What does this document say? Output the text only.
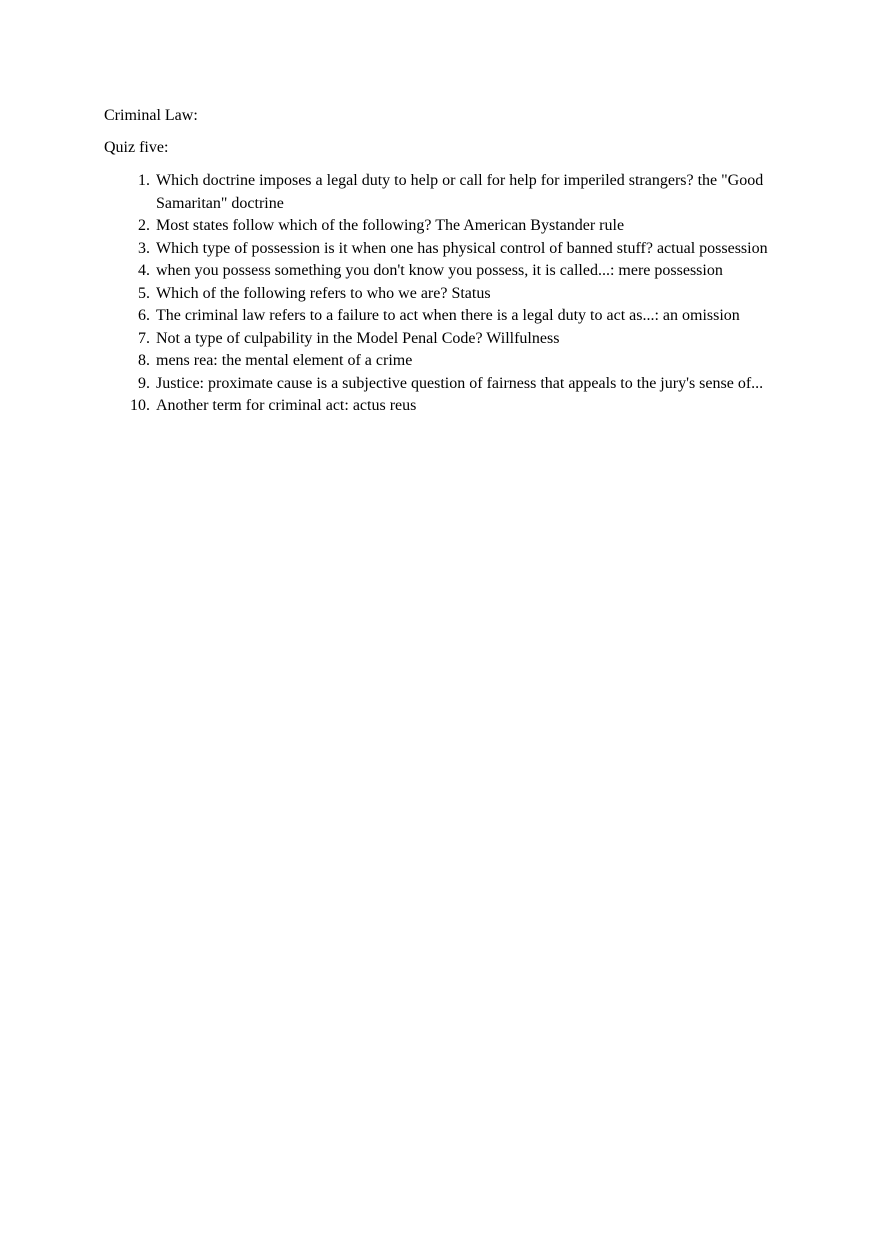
Criminal Law:
Quiz five:
1. Which doctrine imposes a legal duty to help or call for help for imperiled strangers? the "Good Samaritan" doctrine
2. Most states follow which of the following? The American Bystander rule
3. Which type of possession is it when one has physical control of banned stuff? actual possession
4. when you possess something you don't know you possess, it is called...: mere possession
5. Which of the following refers to who we are? Status
6. The criminal law refers to a failure to act when there is a legal duty to act as...: an omission
7. Not a type of culpability in the Model Penal Code? Willfulness
8. mens rea: the mental element of a crime
9. Justice: proximate cause is a subjective question of fairness that appeals to the jury's sense of...
10. Another term for criminal act: actus reus
